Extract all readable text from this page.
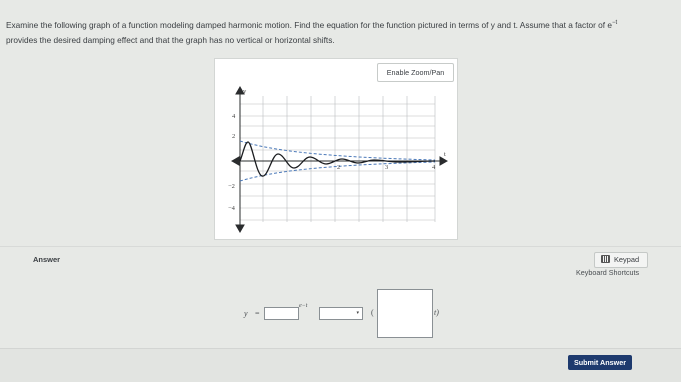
Examine the following graph of a function modeling damped harmonic motion. Find the equation for the function pictured in terms of y and t. Assume that a factor of $e^{-t}$
provides the desired damping effect and that the graph has no vertical or horizontal shifts.
Enable Zoom/Pan
y
t
4
2
−2
−4
2	3	4
Answer	Keypad
Keyboard Shortcuts
y =
e−t
▾ (	t)
Submit Answer
